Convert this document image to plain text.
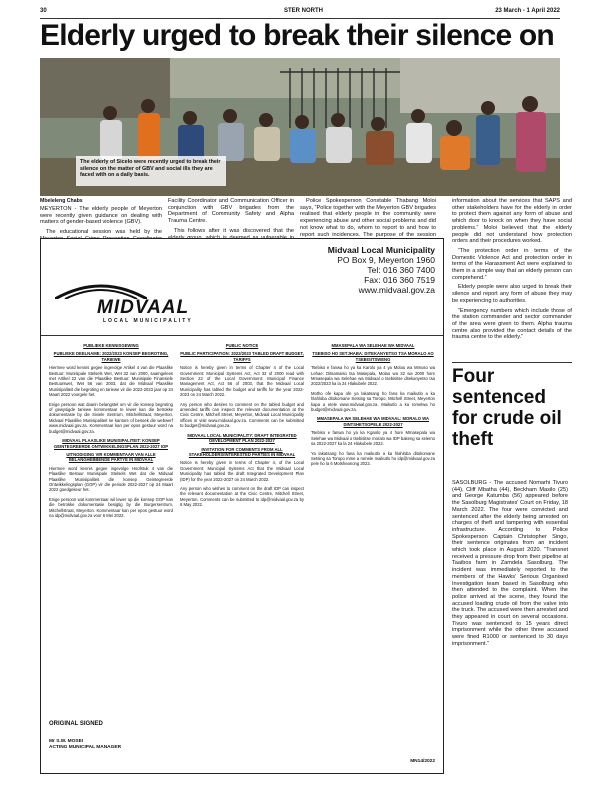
30	STER NORTH	23 March - 1 April 2022
Elderly urged to break their silence on
The elderly of Sicelo were recently urged to break their silence on the matter of GBV and social ills they are faced with on a daily basis.
Mbeleleng Chabs

MEYERTON - The elderly people of Meyerton were recently given guidance on dealing with matters of gender-based violence (GBV).

The educational session was held by the

Facility Coordinator and Communication Officer in conjunction with GBV brigades from the Department of Community Safety and Alpha Trauma Centre.

This follows after it was discovered that the

Police Spokesperson Constable Thabang Moloi says, “Police together with the Meyerton GBV brigades realised that elderly people in the community were experiencing abuse and other social problems and did not know what to do, whom to report to and how to report such incidences. The purpose of the session

information about the services that SAPS and other stakeholders have for the elderly in order to protect them against any form of abuse and which door to knock on when they have social problems.” Moloi believed that the elderly people did not understand how protection orders and their procedures worked.

“The protection order in terms of the Domestic Violence Act and protection order in terms of the Harassment Act were explained to them in a simple way that an elderly person can comprehend.”

Elderly people were also urged to break their silence and report any form of abuse they may be experiencing to authorities.

“Emergency numbers which include those of the station commander and sector commander of the area were given to them. Alpha trauma centre also provided the contact details of the trauma centre to the elderly.”

MIDVAAL
LOCAL MUNICIPALITY
Midvaal Local Municipality
PO Box 9, Meyerton 1960
Tel: 016 360 7400
Fax: 016 360 7519
www.midvaal.gov.za
PUBLIEKE KENNISGEWING
PUBLIEKE DEELNAME: 2022/2023 KONSEP BEGROTING, TARIEWE

Hiermee word kennis gegee ingevolge Artikel 4 van die Plaaslike Bestuur: Munisipale Stelsels Wet, Wet 32 van 2000, saamgelees met Artikel 22 van die Plaaslike Bestuur: Munisipale Finansiele Bestuurswet, Wet 56 van 2003, dat die Midvaal Plaaslike Munisipaliteit die begroting en tariewe vir die 2022-2023 jaar op 24 Maart 2022 voorgele het.

Enige persoon wat daarin belangstel om vir die konsep begroting of gewysigde tariewe kommentaar te lewer kan die betrokke dokumentasie by die Siviele Sentrum, Mitchellstraat, Meyerton, Midvaal Plaaslike Munisipaliteit se kantore of besoek die webwerf www.midvaal.gov.za. Kommentaar kan per epos gestuur word na budget@midvaal.gov.za.

MIDVAAL PLAASLIKE MUNISIPALITEIT: KONSEP GEINTEGREERDE ONTWIKKELINGSPLAN 2022-2027 IOP
UITNODIGING VIR KOMMENTAAR VAN ALLE BELANGHEBBENDE PARTYE IN MIDVAAL

Hiermee word kennis gegee ingevolge Hoofstuk 4 van die Plaaslike Bestuur Munisipale Stelsels Wet dat die Midvaal Plaaslike Munisipaliteit die konsep Geintegreerde Ontwikkelingsplan (GOP) vir die periode 2022-2027 op 24 Maart 2022 goedgekeur het.

Enige persoon wat kommentaar wil lewer op die konsep GOP kan die betrokke dokumentasie besigtig by die Burgersentrum, Mitchellstraat, Meyerton. Kommentaar kan per epos gestuur word na idp@midvaal.gov.za voor 6 Mei 2022.

PUBLIC NOTICE
PUBLIC PARTICIPATION: 2022/2023 TABLED DRAFT BUDGET, TARIFFS

Notice is hereby given in terms of Chapter 4 of the Local Government: Municipal Systems Act, Act 32 of 2000 read with Section 22 of the Local Government: Municipal Finance Management Act, Act 56 of 2003, that the Midvaal Local Municipality has tabled the budget and tariffs for the year 2022-2023 on 24 March 2022.

Any person who desires to comment on the tabled budget and amended tariffs can inspect the relevant documentation at the Civic Centre, Mitchell Street, Meyerton, Midvaal Local Municipality offices or visit www.midvaal.gov.za. Comments can be submitted to budget@midvaal.gov.za.

MIDVAAL LOCAL MUNICIPALITY: DRAFT INTEGRATED DEVELOPMENT PLAN 2022-2027
INVITATION FOR COMMENTS FROM ALL STAKEHOLDERS/INTERESTED PARTIES IN MIDVAAL

Notice is hereby given in terms of Chapter 4, of the Local Government: Municipal Systems Act that the Midvaal Local Municipality has tabled the draft Integrated Development Plan (IDP) for the year 2022-2027 on 24 March 2022.

Any person who wishes to comment on the draft IDP can inspect the relevant documentation at the Civic Centre, Mitchell Street, Meyerton. Comments can be submitted to idp@midvaal.gov.za by 6 May 2022.

MMASEPALA WA SELEHAE WA MIDVAAL
TSEBISO HO SETJHABA: DITEKANYETSO TSA MORALO AO TSEBISITSWENG

Tsebiso e fanwa ho ya ka Karolo ya 4 ya Molao wa Mmuso wa Lehae: Ditsamaiso tsa Masepala, Molao wa 32 wa 2000 hore Mmasepala wa Selehae wa Midvaal o tsebisitse ditekanyetso tsa 2022/2023 ka la 24 Hlakubele 2022.

Motho ofe kapa ofe ya lakatsang ho fana ka maikutlo a ka hlahloba ditokomane Setsing sa Toropo, Mitchell Street, Meyerton kapa a etele www.midvaal.gov.za. Maikutlo a ka romelwa ho budget@midvaal.gov.za.

MMASEPALA WA SELEHAE WA MIDVAAL: MORALO WA DINTSHETSOPELE 2022-2027

Tsebiso e fanwa ho ya ka Kgaolo ya 4 hore Mmasepala wa Selehae wa Midvaal o tsebisitse moralo wa IDP bakeng sa selemo sa 2022-2027 ka la 24 Hlakubele 2022.

Ya lakatsang ho fana ka maikutlo a ka hlahloba ditokomane Setsing sa Toropo mme a romele maikutlo ho idp@midvaal.gov.za pele ho la 6 Motsheanong 2022.

ORIGINAL SIGNED
Mr S.W. MOSEI
ACTING MUNICIPAL MANAGER
MN14/2022
Four sentenced for crude oil theft
SASOLBURG - The accused Nomarhi Tivuro (44), Cliff Mbatha (44), Beckham Masilo (25) and George Katumba (56) appeared before the Sasolburg Magistrates' Court on Friday, 18 March 2022. The four were convicted and sentenced after the elderly being arrested on charges of theft and tampering with essential infrastructure. According to Police Spokesperson Captain Christopher Singo, their sentence originates from an incident which took place in August 2020. “Transnet received a pressure drop from their pipeline at Taaibos farm in Zamdela Sasolburg. The incident was immediately reported to the members of the Hawks' Serious Organised Investigation team based in Sasolburg who then attended to the complaint. When the police arrived at the scene, they found the accused loading crude oil from the valve into the truck. The accused were then arrested and they appeared in court on several occasions. Tivuro was sentenced to 15 years direct imprisonment while the other three accused were fined R1000 or sentenced to 30 days imprisonment.”
